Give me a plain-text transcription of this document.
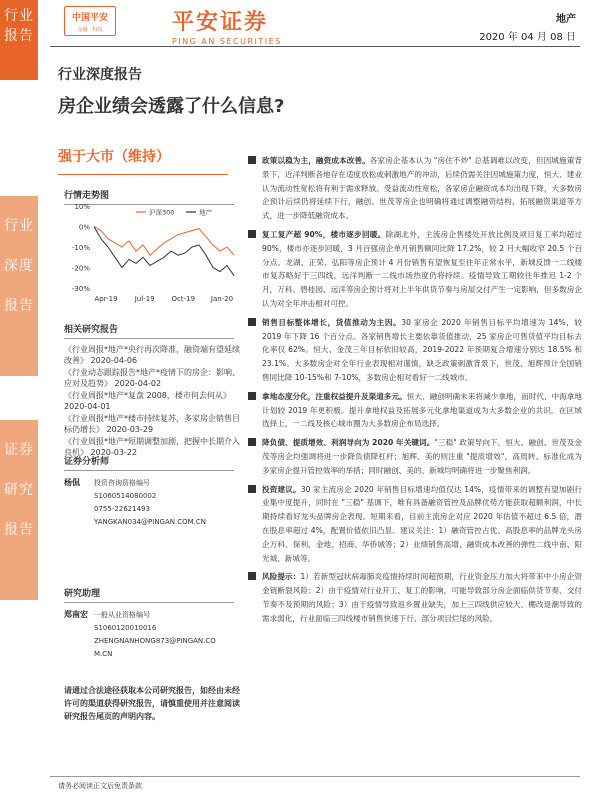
行业
报告
行业
深度
报告
证券
研究
报告
中国平安
金融 · 科技	平安证券
PING AN SECURITIES
地产
2020 年 04 月 08 日
行业深度报告
房企业绩会透露了什么信息?
强于大市（维持）
行情走势图
10%
0%
-10%
-20%
-30%
Apr-19 Jul-19 Oct-19 Jan-20
沪深300	地产
相关研究报告
《行业周报*地产*央行再次降准，融资端有望延续改善》 2020-04-06
《行业动态跟踪报告*地产*疫情下的房企：影响、应对及趋势》 2020-04-02
《行业周报*地产*复盘 2008，楼市何去何从》 2020-04-01
《行业周报*地产*楼市持续复苏，多家房企销售目标仍增长》 2020-03-29
《行业周报*地产*短期调整加剧，把握中长期介入良机》 2020-03-22
证券分析师
杨侃	投资咨询资格编号
S1060514080002
0755-22621493
YANGKAN034@PINGAN.COM.CN
研究助理
郑南宏 一般从业资格编号
S1060120010016
ZHENGNANHONG873@PINGAN.CO
M.CN
请通过合法途径获取本公司研究报告，如经由未经许可的渠道获得研究报告，请慎重使用并注意阅读研究报告尾页的声明内容。
政策以稳为主，融资成本改善。各家房企基本认为 "房住不炒" 总基调难以改变，但因城施策背景下，近洋判断各地存在适度放松或刺激地产的冲动，后续仍需关注因城施策力度，恒大、建业认为流动性宽松将有利于需求释放。受益流动性宽松，各家房企融资成本均出现下降，大多数房企预计后续仍将延续下行，融创、世茂等房企也明确将通过调整融资结构、拓展融资渠道等方式，进一步降低融资成本。
复工复产超 90%，楼市逐步回暖。除湖北外，主流房企售楼处开放比例及项目复工率均超过 90%，楼市亦逐步回暖，3 月百强房企单月销售额同比降 17.2%，较 2 月大幅收窄 20.5 个百分点。龙湖、正荣、弘阳等房企预计 4 月份销售有望恢复至往年正常水平，新城反馈一二线楼市复苏略好于三四线，远洋判断一二线市场热度仍将持续。疫情导致工期较往年推迟 1-2 个月，万科、碧桂园、远洋等房企预计将对上半年供货节奏与房屋交付产生一定影响，但多数房企认为对全年冲击相对可控。
销售目标整体增长，货值推动为主因。30 家房企 2020 年销售目标平均增速为 14%，较 2019 年下降 16 个百分点。各家销售增长主要依靠货值推动，25 家房企可售货值平均目标去化率仅 62%。恒大、金茂三年目标依旧较高，2019-2022 年预期复合增速分别达 18.5% 和 23.1%。大多数房企对全年行业表现相对谨慎，缺乏政策刺激背景下，世茂、旭辉预计全国销售同比降 10-15%和 7-10%，多数房企相对看好一二线城市。
拿地态度分化，注重权益提升及渠道多元。恒大、融创明确未来将减少拿地，而时代、中海拿地计划较 2019 年更积极。提升拿地权益及拓展多元化拿地渠道成为大多数企业的共识。在区域选择上，一二线及核心城市圈为大多数房企布局选择。
降负债、提质增效、利润导向为 2020 年关键词。"三稳" 政策导向下，恒大、融创、世茂及金茂等房企均强调将进一步降负债降杠杆；旭辉、美的则注重 "提质增效"，高周转、标准化成为多家房企提升管控效率的举措；同时融创、美的、新城均明确将进一步聚焦利润。
投资建议。30 家主流房企 2020 年销售目标增速均值仅达 14%，疫情带来的调整有望加剧行业集中度提升，同时在 "三稳" 基调下，唯有具备融资管控及品牌优势方能获取超额利润，中长期持续看好龙头品牌房企表现。短期来看，目前主流房企对应 2020 年估值不超过 6.5 倍，潜在股息率超过 4%，配置价值依旧凸显。建议关注：1）融资管控占优、高股息率的品牌龙头房企万科、保利、金地、招商、华侨城等；2）业绩销售高增、融资成本改善的弹性二线中南、阳光城、新城等。
风险提示：1）若新型冠状病毒肺炎疫情持续时间超预期，行业资金压力加大将带来中小房企资金链断裂风险；2）由于疫情对行业开工、复工的影响，可能导致部分房企面临供货节奏、交付节奏不及预期的风险；3）由于疫情导致返乡置业缺失，加上三四线供应较大、棚改退潮导致的需求弱化，行业面临三四线楼市销售快速下行、部分项目烂尾的风险。
请务必阅读正文后免责条款
